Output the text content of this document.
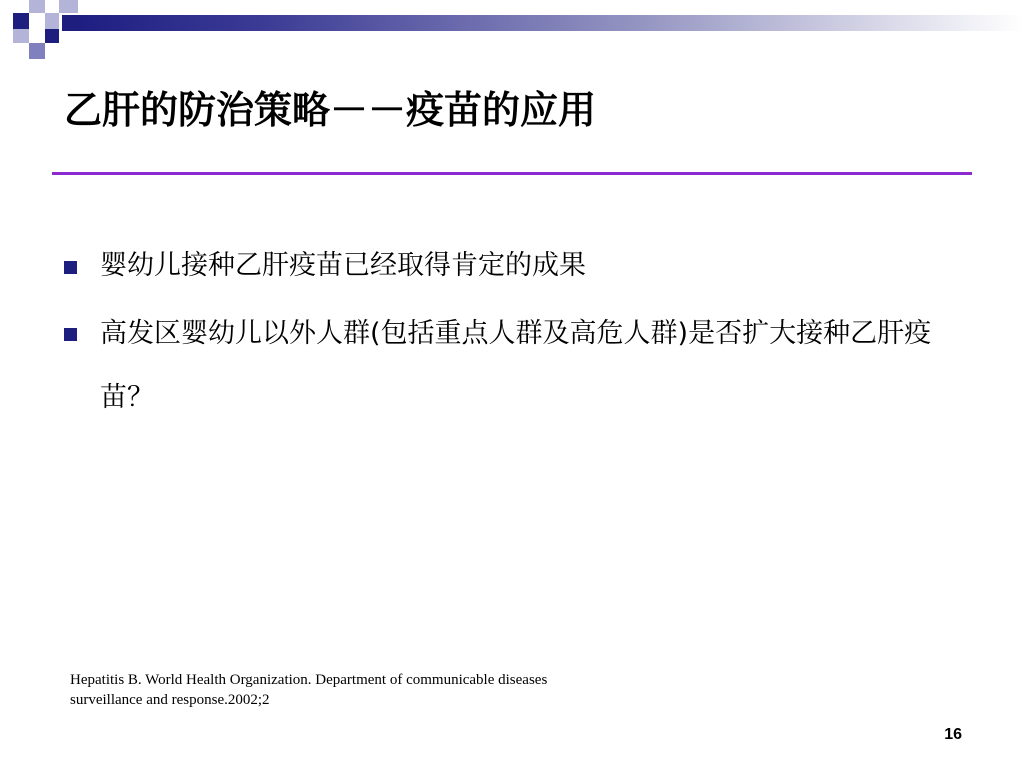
乙肝的防治策略－－疫苗的应用
婴幼儿接种乙肝疫苗已经取得肯定的成果
高发区婴幼儿以外人群(包括重点人群及高危人群)是否扩大接种乙肝疫苗？
Hepatitis B. World Health Organization. Department of communicable diseases
surveillance and response.2002;2
16
